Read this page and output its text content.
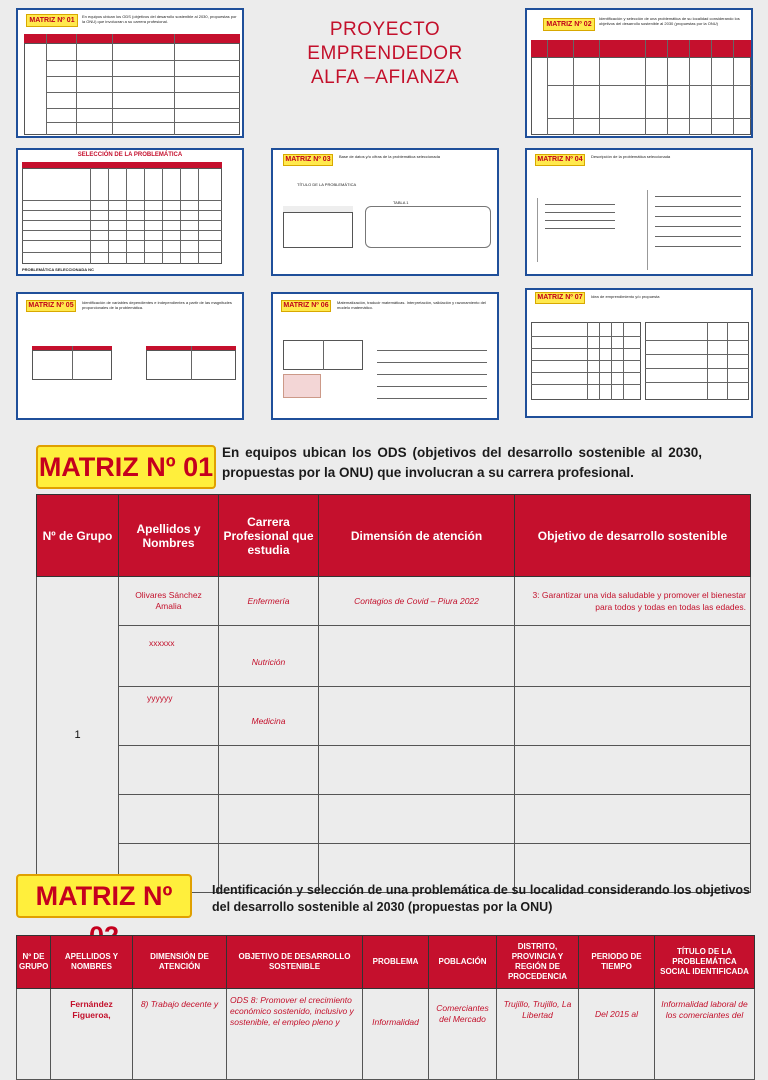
PROYECTO
EMPRENDEDOR
ALFA –AFIANZA
MATRIZ Nº 01
En equipos ubican los ODS (objetivos del desarrollo sostenible al 2030, propuestas por la ONU) que involucran a su carrera profesional.	MATRIZ Nº 02
Identificación y selección de una problemática de su localidad considerando los objetivos del desarrollo sostenible al 2030 (propuestas por la ONU)
SELECCIÓN DE LA PROBLEMÁTICA
PROBLEMÁTICA SELECCIONADA NC
MATRIZ Nº 03	Base de datos y/o cifras de la problemática seleccionada
TÍTULO DE LA PROBLEMÁTICA
TABLA 1
MATRIZ Nº 04	Descripción de la problemática seleccionada
MATRIZ Nº 05	Identificación de variables dependientes e independientes a partir de las magnitudes proporcionales de la problemática.	MATRIZ Nº 06	Matematización, traducir matemáticas. Interpretación, validación y razonamiento del modelo matemático.
MATRIZ Nº 07	Idea de emprendimiento y/o propuesta
MATRIZ Nº 01 En equipos ubican los ODS (objetivos del desarrollo sostenible al 2030, propuestas por la ONU) que involucran a su carrera profesional.
Nº de Grupo	Apellidos y Nombres	Carrera Profesional que estudia	Dimensión de atención	Objetivo de desarrollo sostenible
1	Olivares Sánchez Amalia	Enfermería	Contagios de Covid – Piura 2022	3: Garantizar una vida saludable y promover el bienestar para todos y todas en todas las edades.
	xxxxxx	Nutrición		
	yyyyyy	Medicina		

MATRIZ Nº	Identificación y selección de una problemática de su localidad considerando los objetivos del desarrollo sostenible al 2030 (propuestas por la ONU)
Nº DE GRUPO	APELLIDOS Y NOMBRES	DIMENSIÓN DE ATENCIÓN	OBJETIVO DE DESARROLLO SOSTENIBLE	PROBLEMA	POBLACIÓN	DISTRITO, PROVINCIA Y REGIÓN DE PROCEDENCIA	PERIODO DE TIEMPO	TÍTULO DE LA PROBLEMÁTICA SOCIAL IDENTIFICADA
	Fernández Figueroa,	8) Trabajo decente y	ODS 8: Promover el crecimiento económico sostenido, inclusivo y sostenible, el empleo pleno y	Informalidad	Comerciantes del Mercado	Trujillo, Trujillo, La Libertad	Del 2015 al	Informalidad laboral de los comerciantes del
